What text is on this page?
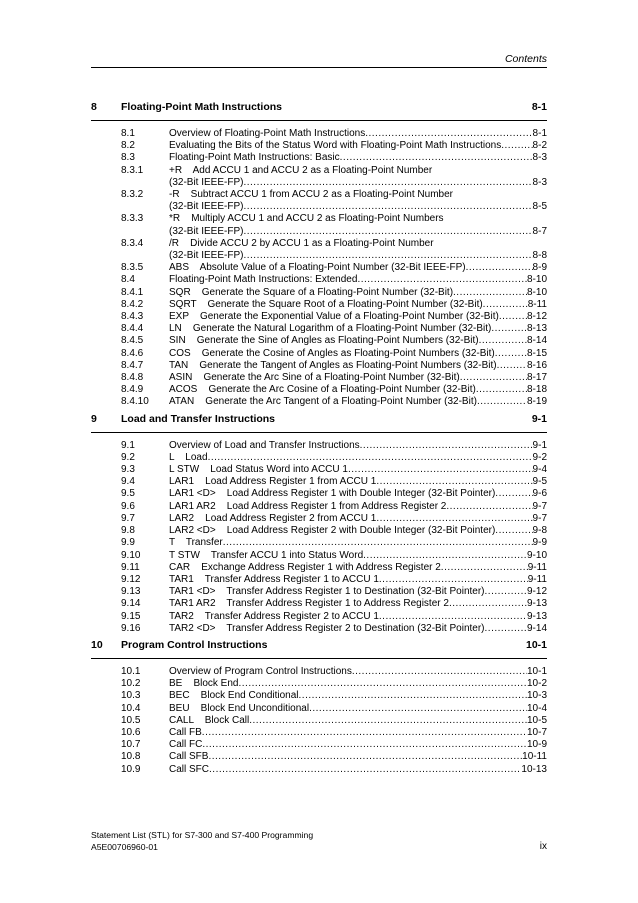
Contents
8	Floating-Point Math Instructions	8-1
8.1	Overview of Floating-Point Math Instructions .....	8-1
8.2	Evaluating the Bits of the Status Word with Floating-Point Math Instructions .....	8-2
8.3	Floating-Point Math Instructions: Basic .....	8-3
8.3.1	+R    Add ACCU 1 and ACCU 2 as a Floating-Point Number
(32-Bit IEEE-FP) .....	8-3
8.3.2	-R    Subtract ACCU 1 from ACCU 2 as a Floating-Point Number
(32-Bit IEEE-FP) .....	8-5
8.3.3	*R    Multiply ACCU 1 and ACCU 2 as Floating-Point Numbers
(32-Bit IEEE-FP) .....	8-7
8.3.4	/R    Divide ACCU 2 by ACCU 1 as a Floating-Point Number
(32-Bit IEEE-FP) .....	8-8
8.3.5	ABS    Absolute Value of a Floating-Point Number (32-Bit IEEE-FP) .....	8-9
8.4	Floating-Point Math Instructions: Extended .....	8-10
8.4.1	SQR    Generate the Square of a Floating-Point Number (32-Bit) .....	8-10
8.4.2	SQRT    Generate the Square Root of a Floating-Point Number (32-Bit) .....	8-11
8.4.3	EXP    Generate the Exponential Value of a Floating-Point Number (32-Bit) .....	8-12
8.4.4	LN    Generate the Natural Logarithm of a Floating-Point Number (32-Bit) .....	8-13
8.4.5	SIN    Generate the Sine of Angles as Floating-Point Numbers (32-Bit) .....	8-14
8.4.6	COS    Generate the Cosine of Angles as Floating-Point Numbers (32-Bit) .....	8-15
8.4.7	TAN    Generate the Tangent of Angles as Floating-Point Numbers (32-Bit) .....	8-16
8.4.8	ASIN    Generate the Arc Sine of a Floating-Point Number (32-Bit) .....	8-17
8.4.9	ACOS    Generate the Arc Cosine of a Floating-Point Number (32-Bit) .....	8-18
8.4.10	ATAN    Generate the Arc Tangent of a Floating-Point Number (32-Bit) .....	8-19
9	Load and Transfer Instructions	9-1
9.1	Overview of Load and Transfer Instructions .....	9-1
9.2	L    Load .....	9-2
9.3	L STW    Load Status Word into ACCU 1 .....	9-4
9.4	LAR1    Load Address Register 1 from ACCU 1 .....	9-5
9.5	LAR1 <D>    Load Address Register 1 with Double Integer (32-Bit Pointer) .....	9-6
9.6	LAR1 AR2    Load Address Register 1 from Address Register 2 .....	9-7
9.7	LAR2    Load Address Register 2 from ACCU 1 .....	9-7
9.8	LAR2 <D>    Load Address Register 2 with Double Integer (32-Bit Pointer) .....	9-8
9.9	T    Transfer .....	9-9
9.10	T STW    Transfer ACCU 1 into Status Word .....	9-10
9.11	CAR    Exchange Address Register 1 with Address Register 2 .....	9-11
9.12	TAR1    Transfer Address Register 1 to ACCU 1 .....	9-11
9.13	TAR1 <D>    Transfer Address Register 1 to Destination (32-Bit Pointer) .....	9-12
9.14	TAR1 AR2    Transfer Address Register 1 to Address Register 2 .....	9-13
9.15	TAR2    Transfer Address Register 2 to ACCU 1 .....	9-13
9.16	TAR2 <D>    Transfer Address Register 2 to Destination (32-Bit Pointer) .....	9-14
10	Program Control Instructions	10-1
10.1	Overview of Program Control Instructions .....	10-1
10.2	BE    Block End .....	10-2
10.3	BEC    Block End Conditional .....	10-3
10.4	BEU    Block End Unconditional .....	10-4
10.5	CALL    Block Call .....	10-5
10.6	Call FB .....	10-7
10.7	Call FC .....	10-9
10.8	Call SFB .....	10-11
10.9	Call SFC .....	10-13
Statement List (STL) for S7-300 and S7-400 Programming
A5E00706960-01	ix
